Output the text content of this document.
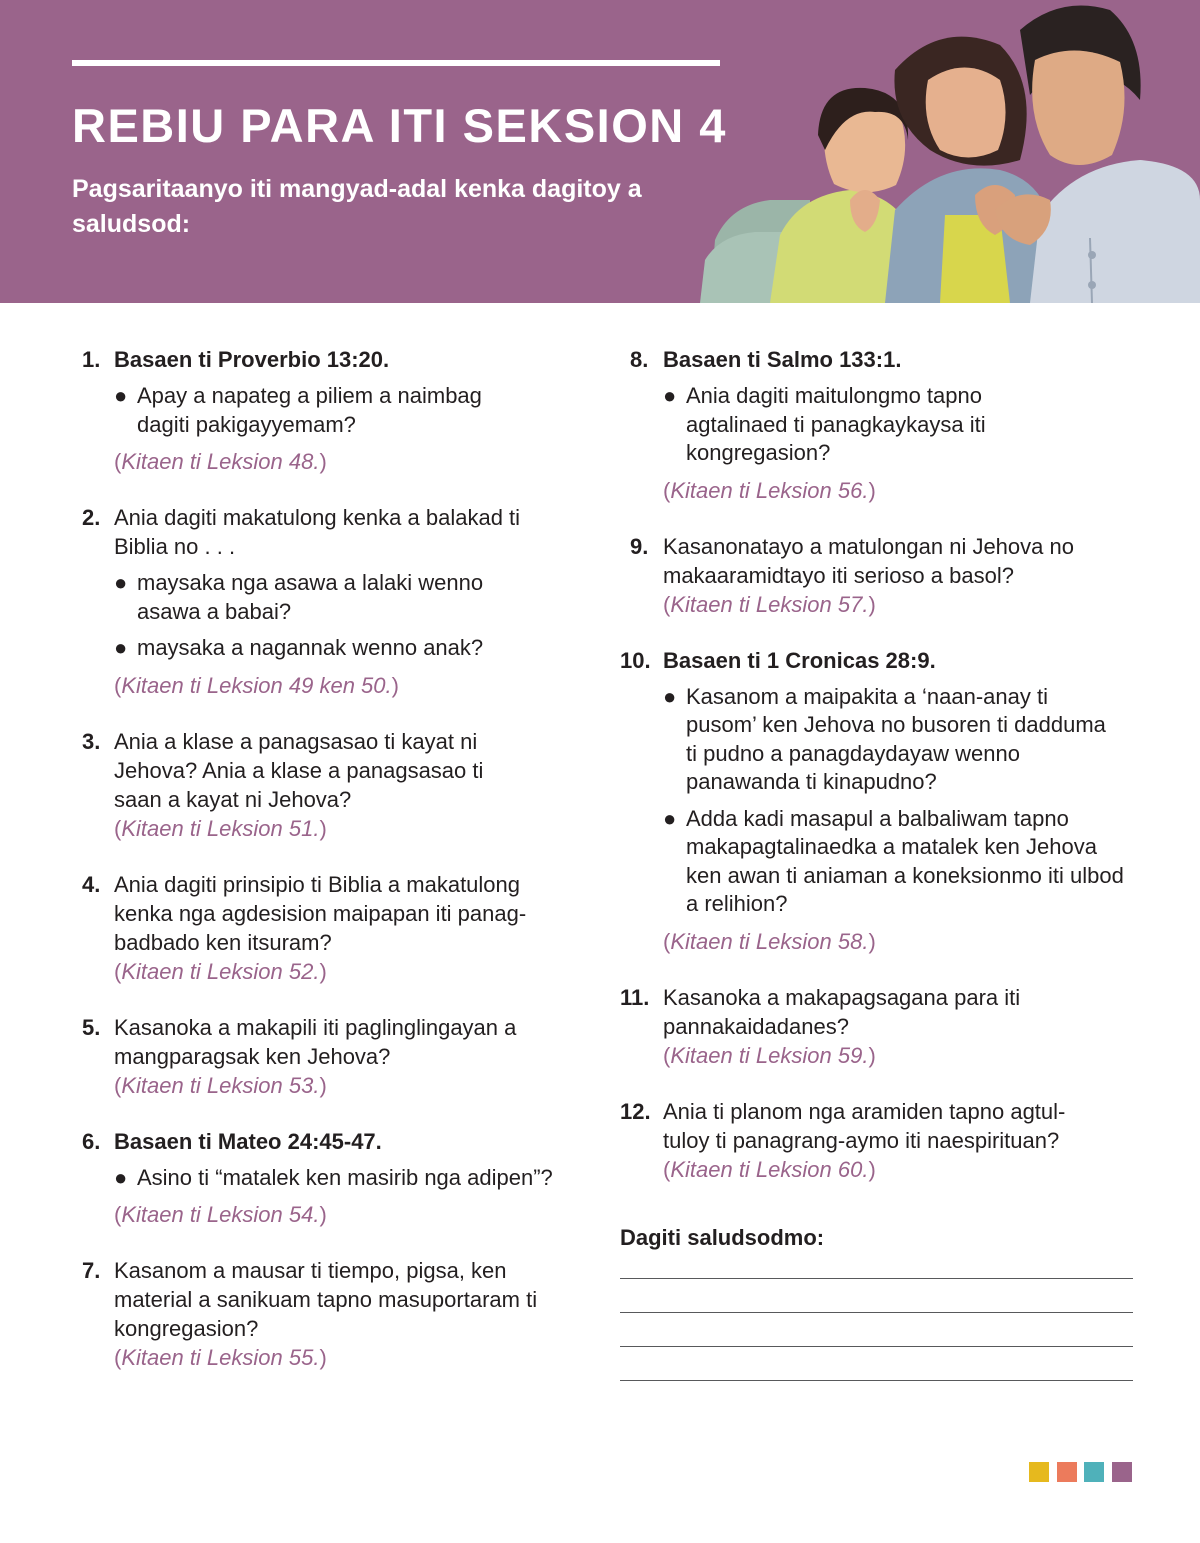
REBIU PARA ITI SEKSION 4

Pagsaritaanyo iti mangyad-adal kenka dagitoy a saludsod:

1. Basaen ti Proverbio 13:20.
● Apay a napateg a piliem a naimbag dagiti pakigayyemam?
(Kitaen ti Leksion 48.)
2. Ania dagiti makatulong kenka a balakad ti Biblia no . . .
● maysaka nga asawa a lalaki wenno asawa a babai?
● maysaka a nagannak wenno anak?
(Kitaen ti Leksion 49 ken 50.)
3. Ania a klase a panagsasao ti kayat ni Jehova? Ania a klase a panagsasao ti saan a kayat ni Jehova?
(Kitaen ti Leksion 51.)
4. Ania dagiti prinsipio ti Biblia a makatulong kenka nga agdesision maipapan iti panag-badbado ken itsuram?
(Kitaen ti Leksion 52.)
5. Kasanoka a makapili iti paglinglingayan a mangparagsak ken Jehova?
(Kitaen ti Leksion 53.)
6. Basaen ti Mateo 24:45-47.
● Asino ti “matalek ken masirib nga adipen”?
(Kitaen ti Leksion 54.)
7. Kasanom a mausar ti tiempo, pigsa, ken material a sanikuam tapno masuportaram ti kongregasion?
(Kitaen ti Leksion 55.)
8. Basaen ti Salmo 133:1.
● Ania dagiti maitulongmo tapno agtalinaed ti panagkaykaysa iti kongregasion?
(Kitaen ti Leksion 56.)
9. Kasanonatayo a matulongan ni Jehova no makaaramidtayo iti serioso a basol?
(Kitaen ti Leksion 57.)
10. Basaen ti 1 Cronicas 28:9.
● Kasanom a maipakita a ‘naan-anay ti pusom’ ken Jehova no busoren ti dadduma ti pudno a panagdaydayaw wenno panawanda ti kinapudno?
● Adda kadi masapul a balbaliwam tapno makapagtalinaedka a matalek ken Jehova ken awan ti aniaman a koneksionmo iti ulbod a relihion?
(Kitaen ti Leksion 58.)
11. Kasanoka a makapagsagana para iti pannakaidadanes?
(Kitaen ti Leksion 59.)
12. Ania ti planom nga aramiden tapno agtul-tuloy ti panagrang-aymo iti naespirituan?
(Kitaen ti Leksion 60.)
Dagiti saludsodmo:
